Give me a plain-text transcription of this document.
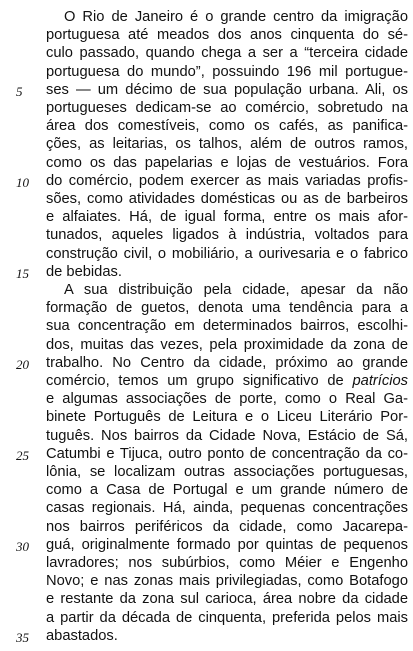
O Rio de Janeiro é o grande centro da imigração
portuguesa até meados dos anos cinquenta do sé-
culo passado, quando chega a ser a “terceira cidade
portuguesa do mundo”, possuindo 196 mil portugue-
ses — um décimo de sua população urbana. Ali, os
portugueses dedicam-se ao comércio, sobretudo na
área dos comestíveis, como os cafés, as panifica-
ções, as leitarias, os talhos, além de outros ramos,
como os das papelarias e lojas de vestuários. Fora
do comércio, podem exercer as mais variadas profis-
sões, como atividades domésticas ou as de barbeiros
e alfaiates. Há, de igual forma, entre os mais afor-
tunados, aqueles ligados à indústria, voltados para
construção civil, o mobiliário, a ourivesaria e o fabrico
de bebidas.
A sua distribuição pela cidade, apesar da não
formação de guetos, denota uma tendência para a
sua concentração em determinados bairros, escolhi-
dos, muitas das vezes, pela proximidade da zona de
trabalho. No Centro da cidade, próximo ao grande
comércio, temos um grupo significativo de patrícios
e algumas associações de porte, como o Real Ga-
binete Português de Leitura e o Liceu Literário Por-
tuguês. Nos bairros da Cidade Nova, Estácio de Sá,
Catumbi e Tijuca, outro ponto de concentração da co-
lônia, se localizam outras associações portuguesas,
como a Casa de Portugal e um grande número de
casas regionais. Há, ainda, pequenas concentrações
nos bairros periféricos da cidade, como Jacarepa-
guá, originalmente formado por quintas de pequenos
lavradores; nos subúrbios, como Méier e Engenho
Novo; e nas zonas mais privilegiadas, como Botafogo
e restante da zona sul carioca, área nobre da cidade
a partir da década de cinquenta, preferida pelos mais
abastados.
5
10
15
20
25
30
35
